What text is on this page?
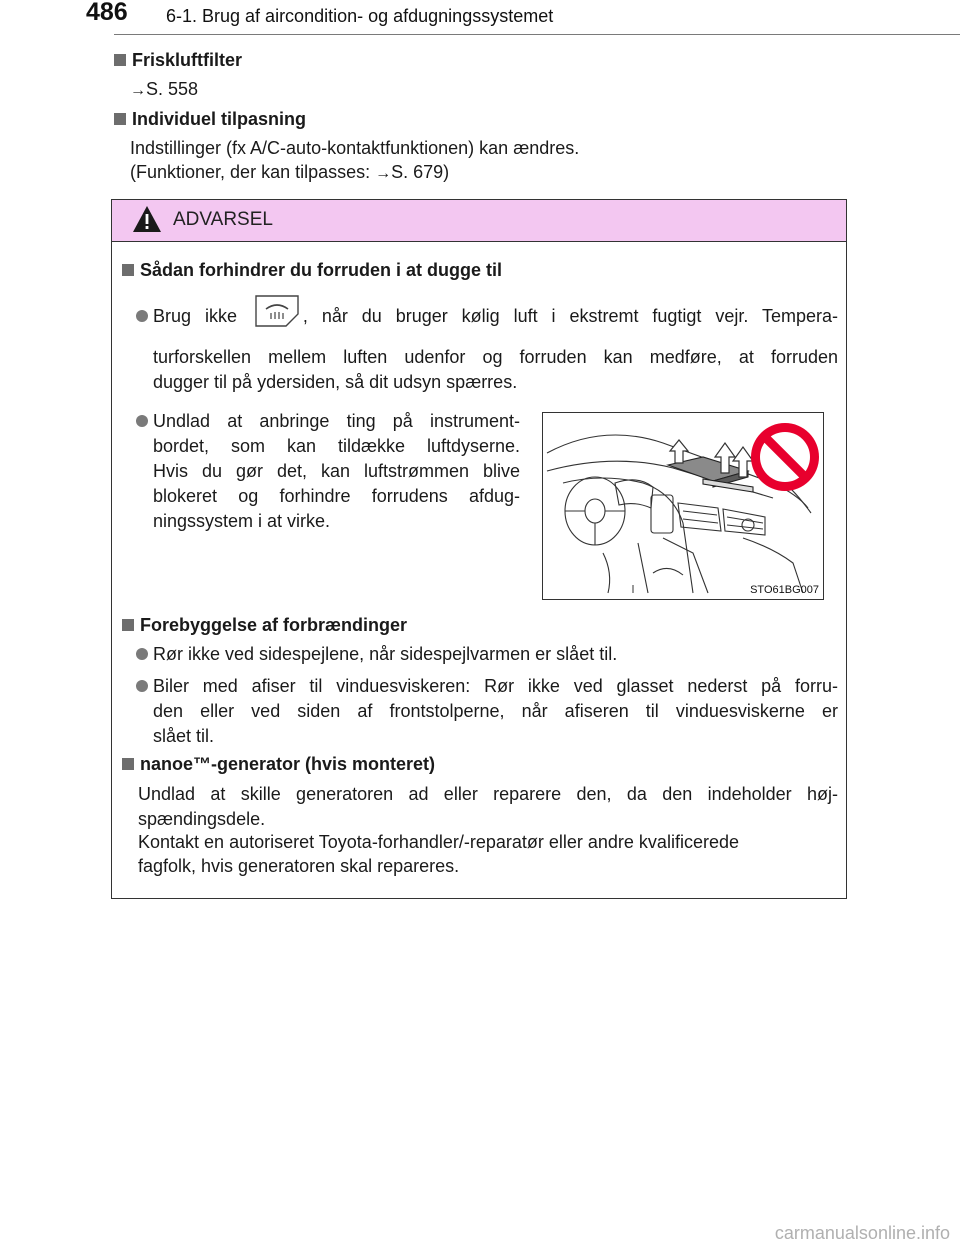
486 6-1. Brug af aircondition- og afdugningssystemet
Friskluftfilter
→S. 558
Individuel tilpasning
Indstillinger (fx A/C-auto-kontaktfunktionen) kan ændres.
(Funktioner, der kan tilpasses: →S. 679)
ADVARSEL
Sådan forhindrer du forruden i at dugge til
Brug ikke	, når du bruger kølig luft i ekstremt fugtigt vejr. Tempera-
turforskellen mellem luften udenfor og forruden kan medføre, at forruden
dugger til på ydersiden, så dit udsyn spærres.
Undlad at anbringe ting på instrument-
bordet, som kan tildække luftdyserne.
Hvis du gør det, kan luftstrømmen blive
blokeret og forhindre forrudens afdug-
ningssystem i at virke.
STO61BG007
Forebyggelse af forbrændinger
Rør ikke ved sidespejlene, når sidespejlvarmen er slået til.
Biler med afiser til vinduesviskeren: Rør ikke ved glasset nederst på forru-
den eller ved siden af frontstolperne, når afiseren til vinduesviskerne er
slået til.
nanoe™-generator (hvis monteret)
Undlad at skille generatoren ad eller reparere den, da den indeholder høj-
spændingsdele.
Kontakt en autoriseret Toyota-forhandler/-reparatør eller andre kvalificerede
fagfolk, hvis generatoren skal repareres.
carmanualsonline.info
